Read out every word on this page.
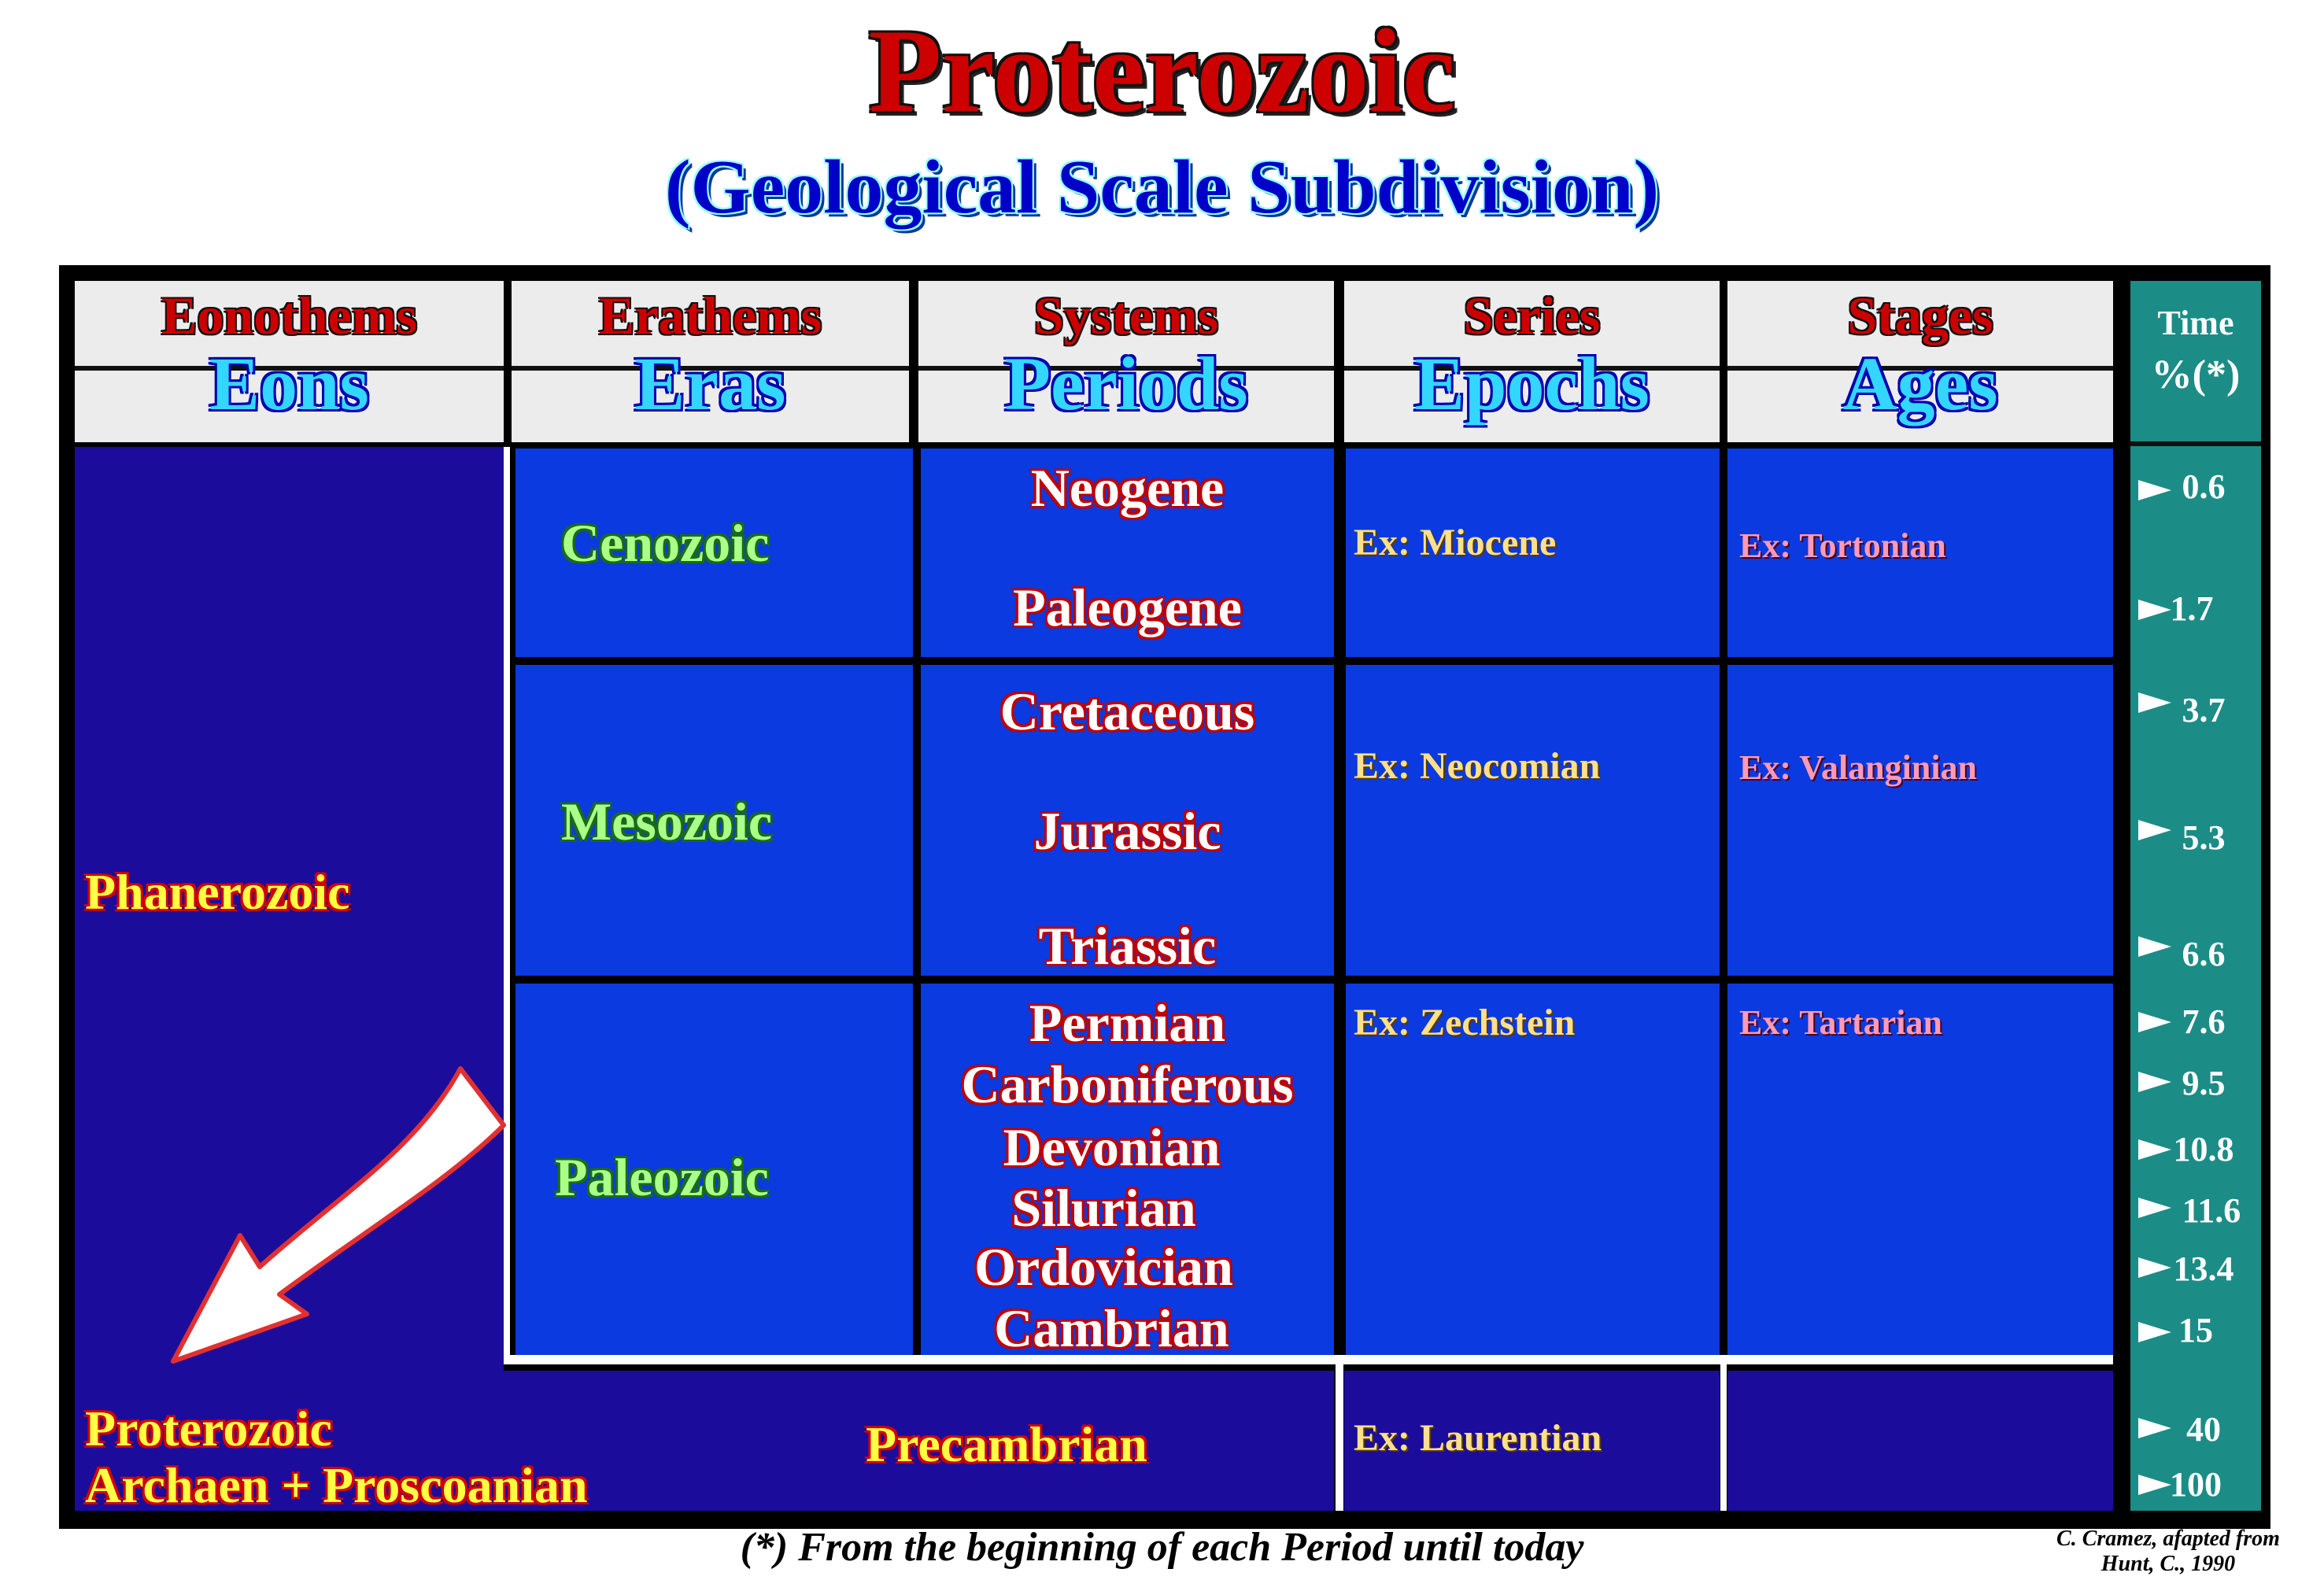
Proterozoic
(Geological Scale Subdivision)
Eonothems
Eons
Erathems
Eras
Systems
Periods
Series
Epochs
Stages
Ages
Time
%(*)
Phanerozoic
Proterozoic
Archaen + Proscoanian
Cenozoic
Mesozoic
Paleozoic
Precambrian
Neogene
Paleogene
Cretaceous
Jurassic
Triassic
Permian
Carboniferous
Devonian
Silurian
Ordovician
Cambrian
Ex: Miocene
Ex: Neocomian
Ex: Zechstein
Ex: Laurentian
Ex: Tortonian
Ex: Valanginian
Ex: Tartarian
0.6
1.7
3.7
5.3
6.6
7.6
9.5
10.8
11.6
13.4
15
40
100
(*) From the beginning of each Period until today	C. Cramez, afapted from
Hunt, C., 1990
